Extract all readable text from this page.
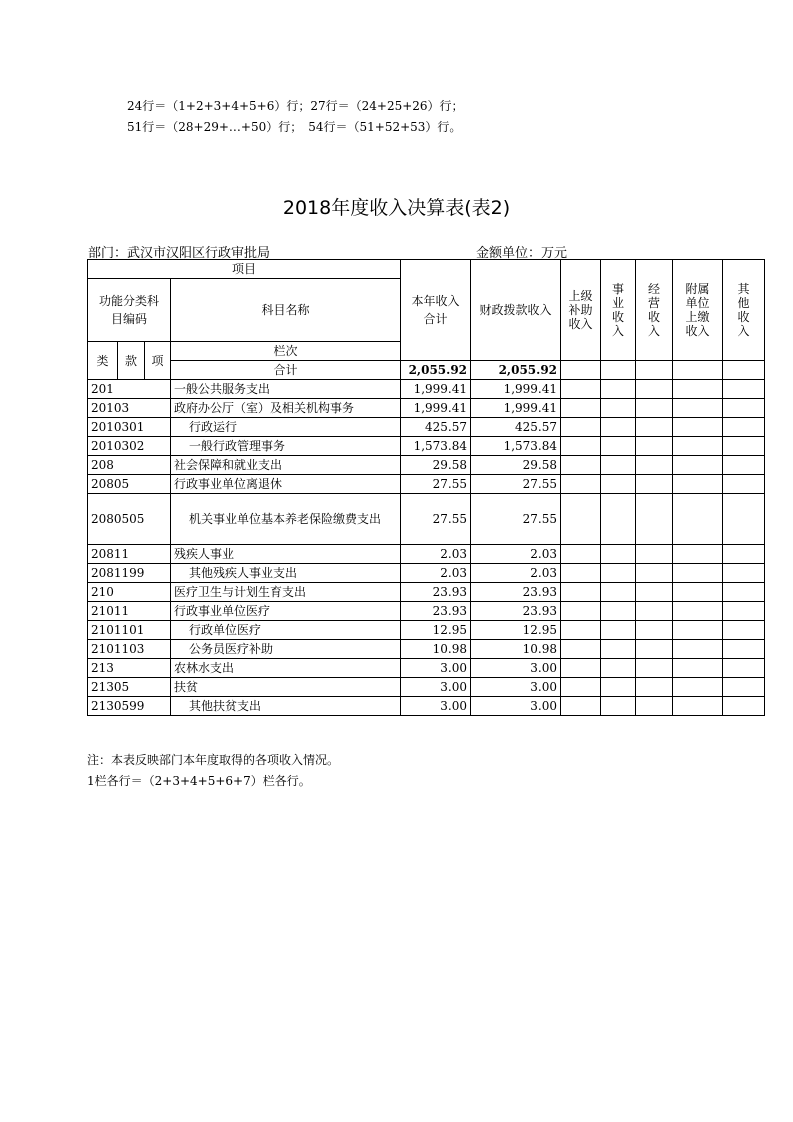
24行＝（1+2+3+4+5+6）行；27行＝（24+25+26）行；
51行＝（28+29+…+50）行；　54行＝（51+52+53）行。
2018年度收入决算表(表2)
部门：武汉市汉阳区行政审批局	金额单位：万元
项目				本年收入合计	财政拨款收入	上级补助收入	事业收入	经营收入	附属单位上缴收入	其他收入	
功能分类科目编码			科目名称								
类	款	项	栏次							
			合计	2,055.92	2,055.92						
201			一般公共服务支出	1,999.41	1,999.41						
20103			政府办公厅（室）及相关机构事务	1,999.41	1,999.41						
2010301			行政运行	425.57	425.57						
2010302			一般行政管理事务	1,573.84	1,573.84						
208			社会保障和就业支出	29.58	29.58						
20805			行政事业单位离退休	27.55	27.55						
2080505			机关事业单位基本养老保险缴费支出	27.55	27.55						
20811			残疾人事业	2.03	2.03						
2081199			其他残疾人事业支出	2.03	2.03						
210			医疗卫生与计划生育支出	23.93	23.93						
21011			行政事业单位医疗	23.93	23.93						
2101101			行政单位医疗	12.95	12.95						
2101103			公务员医疗补助	10.98	10.98						
213			农林水支出	3.00	3.00						
21305			扶贫	3.00	3.00						
2130599			其他扶贫支出	3.00	3.00						
注：本表反映部门本年度取得的各项收入情况。
1栏各行＝（2+3+4+5+6+7）栏各行。
